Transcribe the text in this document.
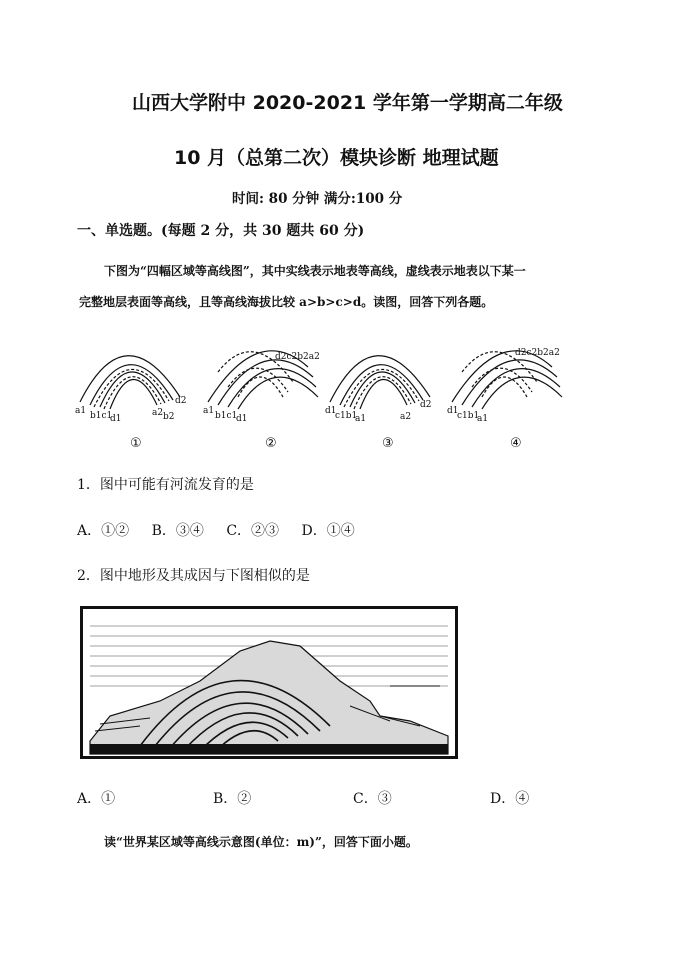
山西大学附中 2020-2021 学年第一学期高二年级
10 月（总第二次）模块诊断 地理试题
时间: 80 分钟 满分:100 分
一、单选题。(每题 2 分，共 30 题共 60 分)
下图为“四幅区域等高线图”，其中实线表示地表等高线，虚线表示地表以下某一
完整地层表面等高线，且等高线海拔比较 a>b>c>d。读图，回答下列各题。
a1 b1c1
d1
a2 b2
d2
a1 b1c1
d1
d2c2b2a2
d1
c1b1
a1
d2
a2
d1
c1b1
a1
d2c2b2a2
①	②	③	④
1．图中可能有河流发育的是
A．①② B．③④ C．②③ D．①④
2．图中地形及其成因与下图相似的是
A．①	B．②	C．③	D．④
读“世界某区域等高线示意图(单位：m)”，回答下面小题。
